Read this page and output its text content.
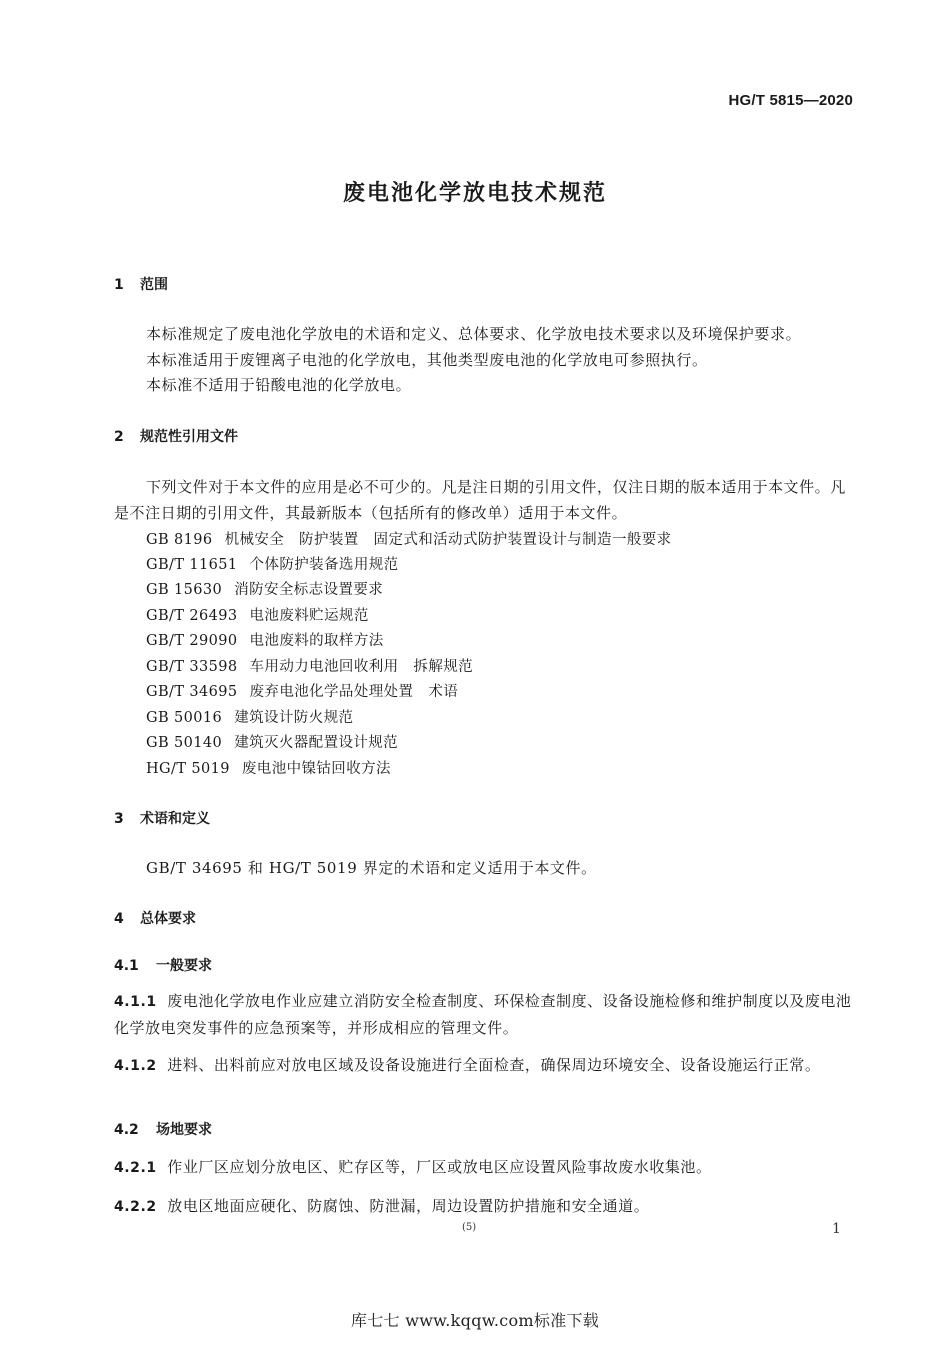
HG/T 5815—2020
废电池化学放电技术规范
1 范围
本标准规定了废电池化学放电的术语和定义、总体要求、化学放电技术要求以及环境保护要求。
本标准适用于废锂离子电池的化学放电，其他类型废电池的化学放电可参照执行。
本标准不适用于铅酸电池的化学放电。
2 规范性引用文件
下列文件对于本文件的应用是必不可少的。凡是注日期的引用文件，仅注日期的版本适用于本文件。凡是不注日期的引用文件，其最新版本（包括所有的修改单）适用于本文件。
GB 8196 机械安全　防护装置　固定式和活动式防护装置设计与制造一般要求
GB/T 11651 个体防护装备选用规范
GB 15630 消防安全标志设置要求
GB/T 26493 电池废料贮运规范
GB/T 29090 电池废料的取样方法
GB/T 33598 车用动力电池回收利用　拆解规范
GB/T 34695 废弃电池化学品处理处置　术语
GB 50016 建筑设计防火规范
GB 50140 建筑灭火器配置设计规范
HG/T 5019 废电池中镍钴回收方法
3 术语和定义
GB/T 34695 和 HG/T 5019 界定的术语和定义适用于本文件。
4 总体要求
4.1 一般要求
4.1.1 废电池化学放电作业应建立消防安全检查制度、环保检查制度、设备设施检修和维护制度以及废电池化学放电突发事件的应急预案等，并形成相应的管理文件。
4.1.2 进料、出料前应对放电区域及设备设施进行全面检查，确保周边环境安全、设备设施运行正常。
4.2 场地要求
4.2.1 作业厂区应划分放电区、贮存区等，厂区或放电区应设置风险事故废水收集池。
4.2.2 放电区地面应硬化、防腐蚀、防泄漏，周边设置防护措施和安全通道。
(5)	1
库七七 www.kqqw.com标准下载
